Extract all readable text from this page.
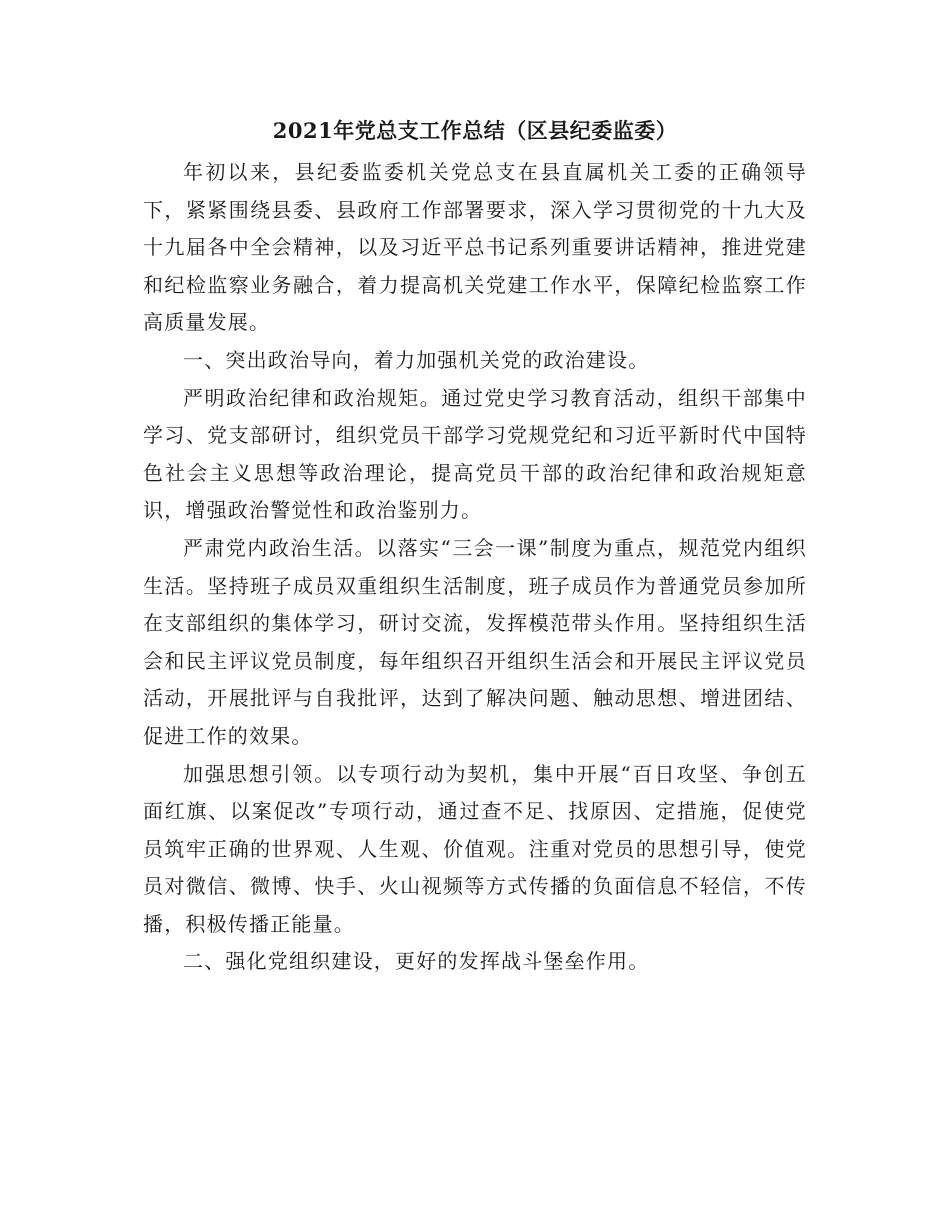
2021年党总支工作总结（区县纪委监委）

年初以来，县纪委监委机关党总支在县直属机关工委的正确领导下，紧紧围绕县委、县政府工作部署要求，深入学习贯彻党的十九大及十九届各中全会精神，以及习近平总书记系列重要讲话精神，推进党建和纪检监察业务融合，着力提高机关党建工作水平，保障纪检监察工作高质量发展。

一、突出政治导向，着力加强机关党的政治建设。

严明政治纪律和政治规矩。通过党史学习教育活动，组织干部集中学习、党支部研讨，组织党员干部学习党规党纪和习近平新时代中国特色社会主义思想等政治理论，提高党员干部的政治纪律和政治规矩意识，增强政治警觉性和政治鉴别力。

严肃党内政治生活。以落实“三会一课”制度为重点，规范党内组织生活。坚持班子成员双重组织生活制度，班子成员作为普通党员参加所在支部组织的集体学习，研讨交流，发挥模范带头作用。坚持组织生活会和民主评议党员制度，每年组织召开组织生活会和开展民主评议党员活动，开展批评与自我批评，达到了解决问题、触动思想、增进团结、促进工作的效果。

加强思想引领。以专项行动为契机，集中开展“百日攻坚、争创五面红旗、以案促改”专项行动，通过查不足、找原因、定措施，促使党员筑牢正确的世界观、人生观、价值观。注重对党员的思想引导，使党员对微信、微博、快手、火山视频等方式传播的负面信息不轻信，不传播，积极传播正能量。

二、强化党组织建设，更好的发挥战斗堡垒作用。
